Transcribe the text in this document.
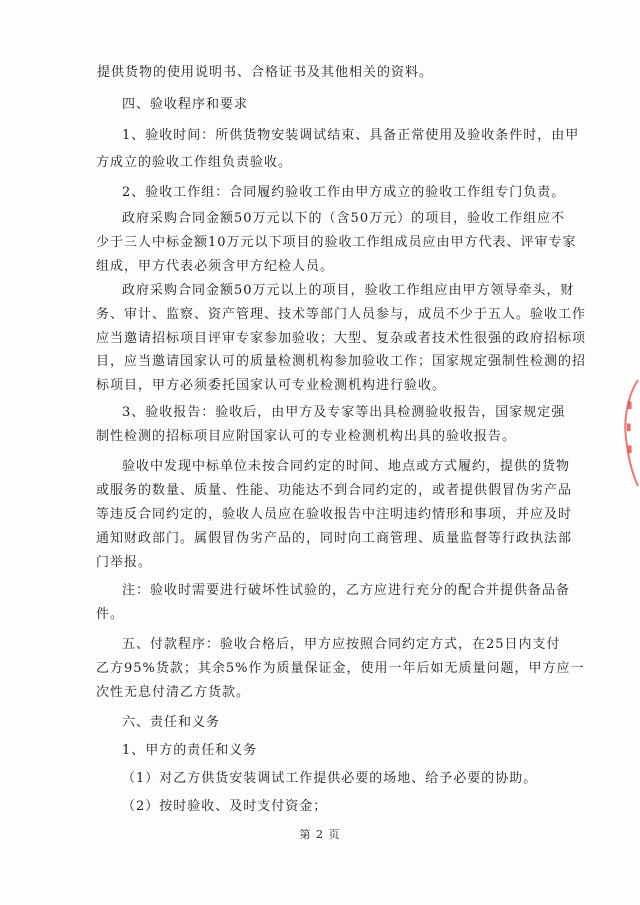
提供货物的使用说明书、合格证书及其他相关的资料。
四、验收程序和要求
1、验收时间：所供货物安装调试结束、具备正常使用及验收条件时，由甲
方成立的验收工作组负责验收。
2、验收工作组：合同履约验收工作由甲方成立的验收工作组专门负责。
政府采购合同金额50万元以下的（含50万元）的项目，验收工作组应不
少于三人中标金额10万元以下项目的验收工作组成员应由甲方代表、评审专家
组成，甲方代表必须含甲方纪检人员。
政府采购合同金额50万元以上的项目，验收工作组应由甲方领导牵头，财
务、审计、监察、资产管理、技术等部门人员参与，成员不少于五人。验收工作
应当邀请招标项目评审专家参加验收；大型、复杂或者技术性很强的政府招标项
目，应当邀请国家认可的质量检测机构参加验收工作；国家规定强制性检测的招
标项目，甲方必须委托国家认可专业检测机构进行验收。
3、验收报告：验收后，由甲方及专家等出具检测验收报告，国家规定强
制性检测的招标项目应附国家认可的专业检测机构出具的验收报告。
验收中发现中标单位未按合同约定的时间、地点或方式履约，提供的货物
或服务的数量、质量、性能、功能达不到合同约定的，或者提供假冒伪劣产品
等违反合同约定的，验收人员应在验收报告中注明违约情形和事项，并应及时
通知财政部门。属假冒伪劣产品的，同时向工商管理、质量监督等行政执法部
门举报。
注：验收时需要进行破坏性试验的，乙方应进行充分的配合并提供备品备
件。
五、付款程序：验收合格后，甲方应按照合同约定方式，在25日内支付
乙方95%货款；其余5%作为质量保证金，使用一年后如无质量问题，甲方应一
次性无息付清乙方货款。
六、责任和义务
1、甲方的责任和义务
（1）对乙方供货安装调试工作提供必要的场地、给予必要的协助。
（2）按时验收、及时支付资金；
第 2 页
▮
▮
▮
